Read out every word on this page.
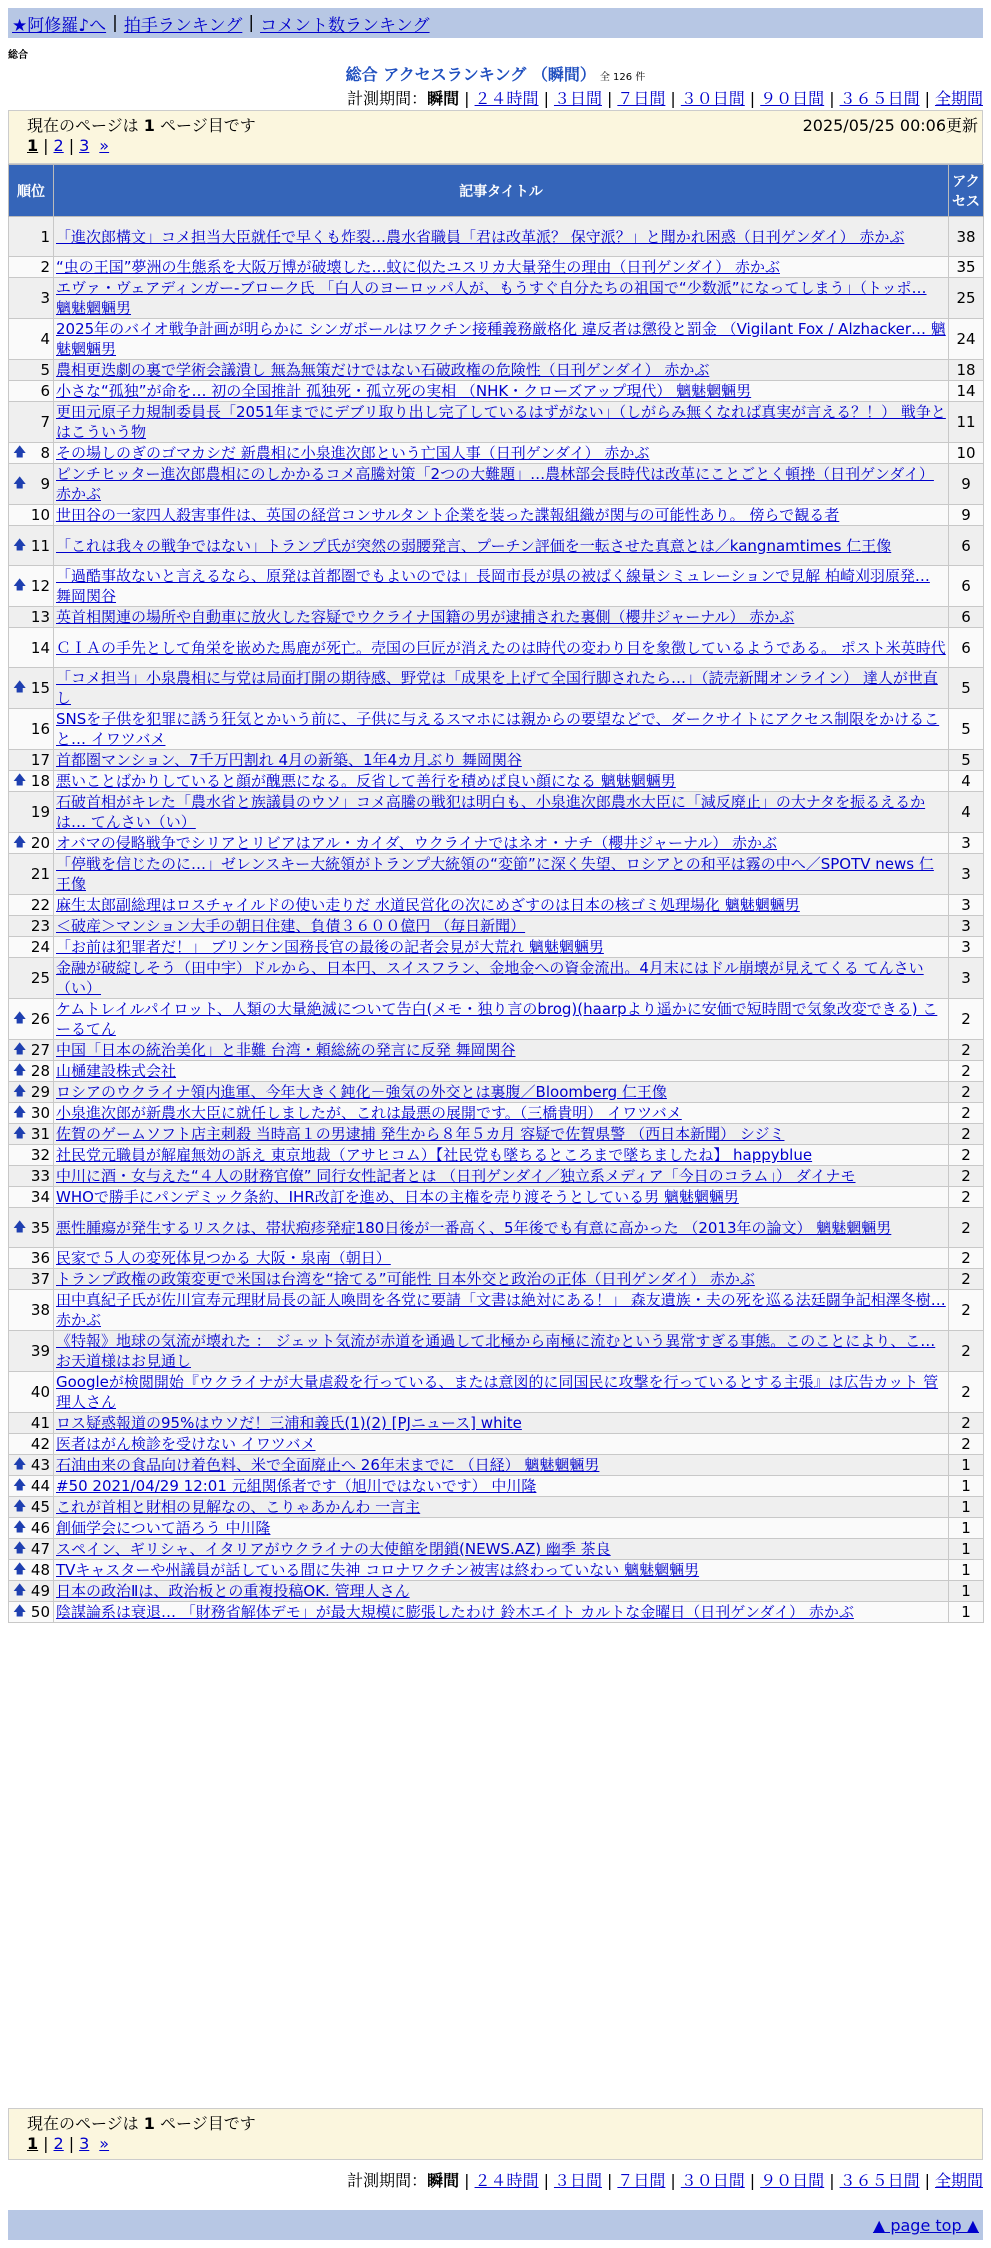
★阿修羅♪へ | 拍手ランキング | コメント数ランキング
総合
総合 アクセスランキング （瞬間） 全 126 件
計測期間：瞬間 | ２４時間 | ３日間 | ７日間 | ３０日間 | ９０日間 | ３６５日間 | 全期間
現在のページは 1 ページ目です	2025/05/25 00:06更新
1 | 2 | 3 »
順位	記事タイトル	アクセス
1	「進次郎構文」コメ担当大臣就任で早くも炸裂…農水省職員「君は改革派？ 保守派？」と聞かれ困惑（日刊ゲンダイ） 赤かぶ	38
2	“虫の王国”夢洲の生態系を大阪万博が破壊した…蚊に似たユスリカ大量発生の理由（日刊ゲンダイ） 赤かぶ	35
3	エヴァ・ヴェアディンガー-ブローク氏 「白人のヨーロッパ人が、もうすぐ自分たちの祖国で“少数派”になってしまう」（トッポ… 魑魅魍魎男	25
4	2025年のバイオ戦争計画が明らかに シンガポールはワクチン接種義務厳格化 違反者は懲役と罰金 （Vigilant Fox / Alzhacker… 魑魅魍魎男	24
5	農相更迭劇の裏で学術会議潰し 無為無策だけではない石破政権の危険性（日刊ゲンダイ） 赤かぶ	18
6	小さな“孤独”が命を… 初の全国推計 孤独死・孤立死の実相 （NHK・クローズアップ現代） 魑魅魍魎男	14
7	更田元原子力規制委員長「2051年までにデブリ取り出し完了しているはずがない」（しがらみ無くなれば真実が言える？！） 戦争とはこういう物	11

🡅 8	その場しのぎのゴマカシだ 新農相に小泉進次郎という亡国人事（日刊ゲンダイ） 赤かぶ	10

🡅 9	ピンチヒッター進次郎農相にのしかかるコメ高騰対策「2つの大難題」…農林部会長時代は改革にことごとく頓挫（日刊ゲンダイ） 赤かぶ	9
10	世田谷の一家四人殺害事件は、英国の経営コンサルタント企業を装った諜報組織が関与の可能性あり。 傍らで観る者	9

🡅 11	「これは我々の戦争ではない」トランプ氏が突然の弱腰発言、プーチン評価を一転させた真意とは／kangnamtimes 仁王像	6

🡅 12	「過酷事故ないと言えるなら、原発は首都圏でもよいのでは」長岡市長が県の被ばく線量シミュレーションで見解 柏崎刈羽原発… 舞岡関谷	6
13	英首相関連の場所や自動車に放火した容疑でウクライナ国籍の男が逮捕された裏側（櫻井ジャーナル） 赤かぶ	6
14	ＣＩＡの手先として角栄を嵌めた馬鹿が死亡。売国の巨匠が消えたのは時代の変わり目を象徴しているようである。 ポスト米英時代	6

🡅 15	「コメ担当」小泉農相に与党は局面打開の期待感、野党は「成果を上げて全国行脚されたら…」（読売新聞オンライン） 達人が世直し	5
16	SNSを子供を犯罪に誘う狂気とかいう前に、子供に与えるスマホには親からの要望などで、ダークサイトにアクセス制限をかけること… イワツバメ	5
17	首都圏マンション、7千万円割れ 4月の新築、1年4カ月ぶり 舞岡関谷	5

🡅 18	悪いことばかりしていると顔が醜悪になる。反省して善行を積めば良い顔になる 魑魅魍魎男	4
19	石破首相がキレた「農水省と族議員のウソ」コメ高騰の戦犯は明白も、小泉進次郎農水大臣に「減反廃止」の大ナタを振るえるかは… てんさい（い）	4

🡅 20	オバマの侵略戦争でシリアとリビアはアル・カイダ、ウクライナではネオ・ナチ（櫻井ジャーナル） 赤かぶ	3
21	「停戦を信じたのに…」ゼレンスキー大統領がトランプ大統領の“変節”に深く失望、ロシアとの和平は霧の中へ／SPOTV news 仁王像	3
22	麻生太郎副総理はロスチャイルドの使い走りだ 水道民営化の次にめざすのは日本の核ゴミ処理場化 魑魅魍魎男	3
23	＜破産＞マンション大手の朝日住建、負債３６００億円 （毎日新聞）	3
24	「お前は犯罪者だ！」 ブリンケン国務長官の最後の記者会見が大荒れ 魑魅魍魎男	3
25	金融が破綻しそう（田中宇）ドルから、日本円、スイスフラン、金地金への資金流出。4月末にはドル崩壊が見えてくる てんさい（い）	3

🡅 26	ケムトレイルパイロット、人類の大量絶滅について告白(メモ・独り言のbrog)(haarpより遥かに安価で短時間で気象改変できる) こーるてん	2

🡅 27	中国「日本の統治美化」と非難 台湾・頼総統の発言に反発 舞岡関谷	2

🡅 28	山樋建設株式会社	2

🡅 29	ロシアのウクライナ領内進軍、今年大きく鈍化－強気の外交とは裏腹／Bloomberg 仁王像	2

🡅 30	小泉進次郎が新農水大臣に就任しましたが、これは最悪の展開です。（三橋貴明） イワツバメ	2

🡅 31	佐賀のゲームソフト店主刺殺 当時高１の男逮捕 発生から８年５カ月 容疑で佐賀県警 （西日本新聞） シジミ	2
32	社民党元職員が解雇無効の訴え 東京地裁（アサヒコム）【社民党も墜ちるところまで墜ちましたね】 happyblue	2
33	中川に酒・女与えた“４人の財務官僚” 同行女性記者とは （日刊ゲンダイ／独立系メディア「今日のコラム」） ダイナモ	2
34	WHOで勝手にパンデミック条約、IHR改訂を進め、日本の主権を売り渡そうとしている男 魑魅魍魎男	2

🡅 35	悪性腫瘍が発生するリスクは、帯状疱疹発症180日後が一番高く、5年後でも有意に高かった （2013年の論文） 魑魅魍魎男	2
36	民家で５人の変死体見つかる 大阪・泉南（朝日）	2
37	トランプ政権の政策変更で米国は台湾を“捨てる”可能性 日本外交と政治の正体（日刊ゲンダイ） 赤かぶ	2
38	田中真紀子氏が佐川宣寿元理財局長の証人喚問を各党に要請「文書は絶対にある！」 森友遺族・夫の死を巡る法廷闘争記相澤冬樹… 赤かぶ	2
39	《特報》地球の気流が壊れた ： ジェット気流が赤道を通過して北極から南極に流むという異常すぎる事態。このことにより、こ… お天道様はお見通し	2
40	Googleが検閲開始『ウクライナが大量虐殺を行っている、または意図的に同国民に攻撃を行っているとする主張』は広告カット 管理人さん	2
41	ロス疑惑報道の95%はウソだ！三浦和義氏(1)(2) [PJニュース] white	2
42	医者はがん検診を受けない イワツバメ	2

🡅 43	石油由来の食品向け着色料、米で全面廃止へ 26年末までに （日経） 魑魅魍魎男	1

🡅 44	#50 2021/04/29 12:01 元組関係者です（旭川ではないです） 中川隆	1

🡅 45	これが首相と財相の見解なの、こりゃあかんわ 一言主	1

🡅 46	創価学会について語ろう 中川隆	1

🡅 47	スペイン、ギリシャ、イタリアがウクライナの大使館を閉鎖(NEWS.AZ) 幽季 茶良	1

🡅 48	TVキャスターや州議員が話している間に失神 コロナワクチン被害は終わっていない 魑魅魍魎男	1

🡅 49	日本の政治Ⅱは、政治板との重複投稿OK. 管理人さん	1

🡅 50	陰謀論系は衰退… 「財務省解体デモ」が最大規模に膨張したわけ 鈴木エイト カルトな金曜日（日刊ゲンダイ） 赤かぶ	1
現在のページは 1 ページ目です
1 | 2 | 3 »
計測期間：瞬間 | ２４時間 | ３日間 | ７日間 | ３０日間 | ９０日間 | ３６５日間 | 全期間
▲ page top ▲
